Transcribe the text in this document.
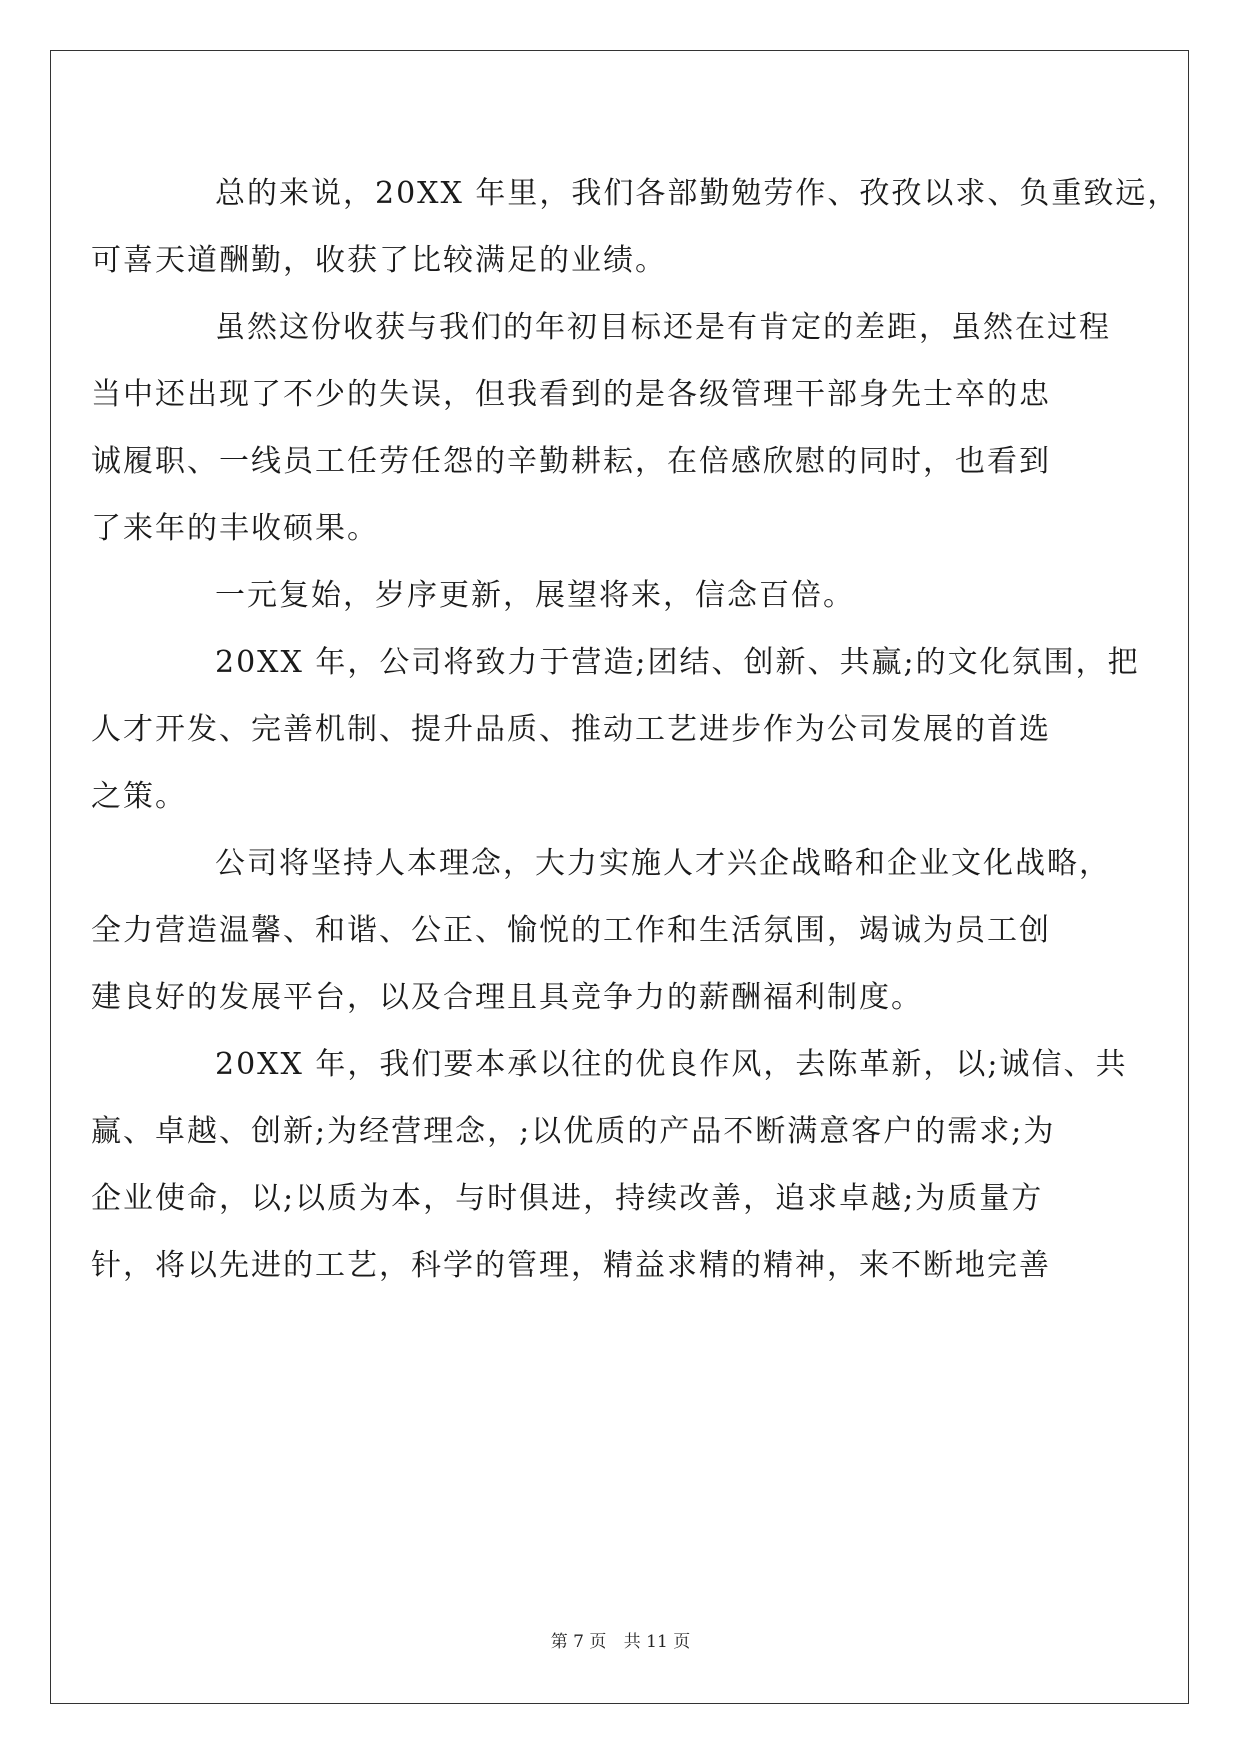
总的来说，20XX 年里，我们各部勤勉劳作、孜孜以求、负重致远，
可喜天道酬勤，收获了比较满足的业绩。

虽然这份收获与我们的年初目标还是有肯定的差距，虽然在过程
当中还出现了不少的失误，但我看到的是各级管理干部身先士卒的忠
诚履职、一线员工任劳任怨的辛勤耕耘，在倍感欣慰的同时，也看到
了来年的丰收硕果。

一元复始，岁序更新，展望将来，信念百倍。

20XX 年，公司将致力于营造;团结、创新、共赢;的文化氛围，把
人才开发、完善机制、提升品质、推动工艺进步作为公司发展的首选
之策。

公司将坚持人本理念，大力实施人才兴企战略和企业文化战略，
全力营造温馨、和谐、公正、愉悦的工作和生活氛围，竭诚为员工创
建良好的发展平台，以及合理且具竞争力的薪酬福利制度。

20XX 年，我们要本承以往的优良作风，去陈革新，以;诚信、共
赢、卓越、创新;为经营理念，;以优质的产品不断满意客户的需求;为
企业使命，以;以质为本，与时俱进，持续改善，追求卓越;为质量方
针，将以先进的工艺，科学的管理，精益求精的精神，来不断地完善

第 7 页 共 11 页
